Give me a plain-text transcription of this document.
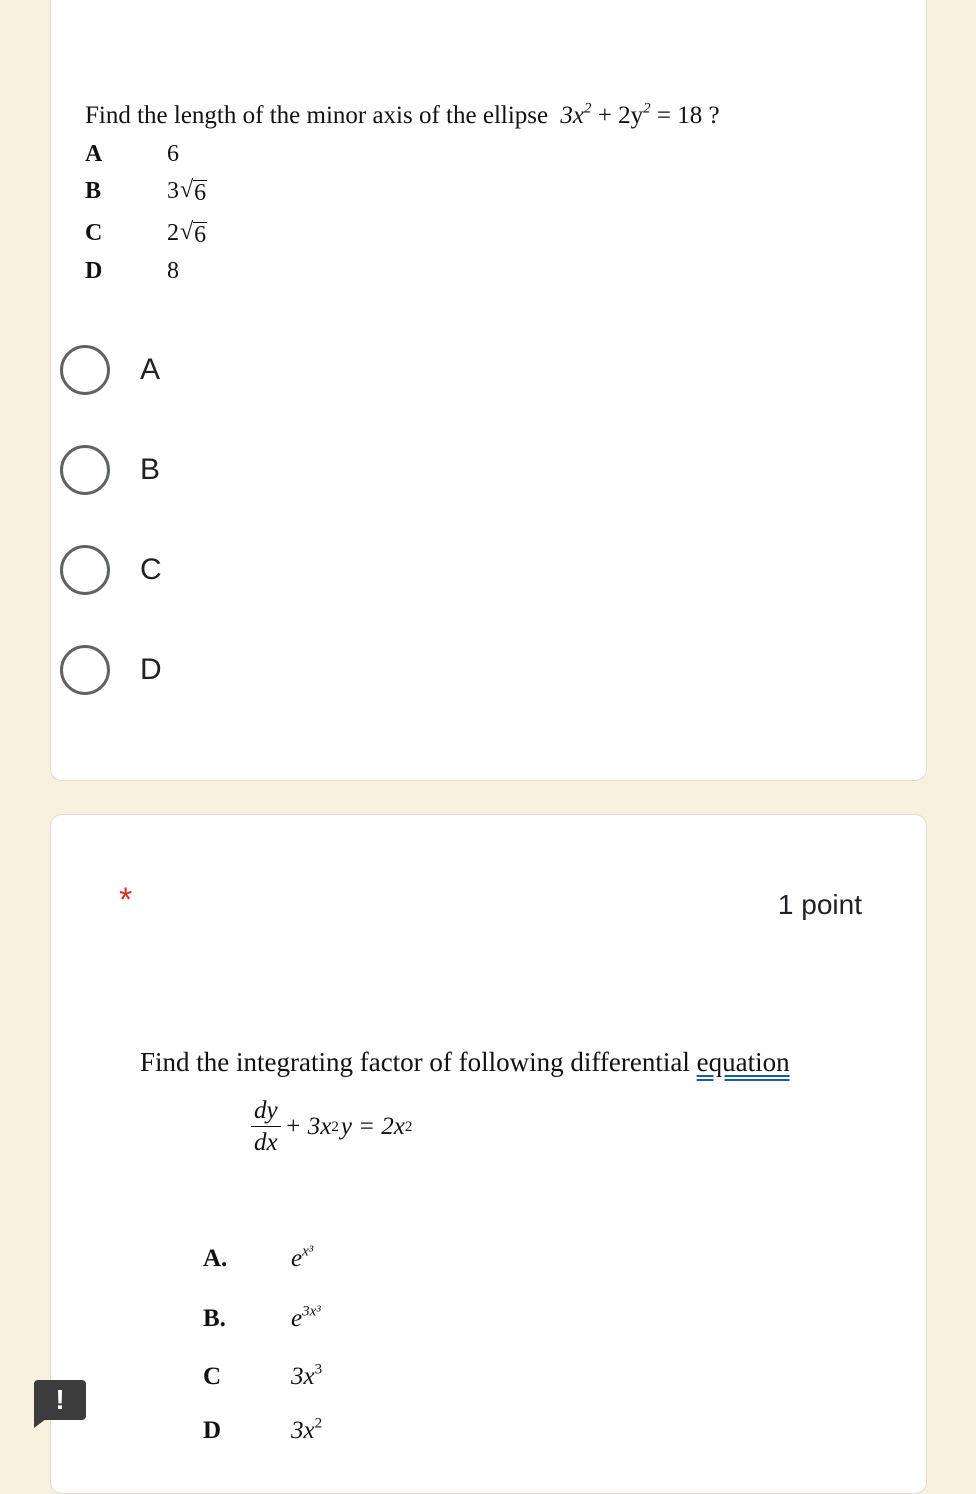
Find the length of the minor axis of the ellipse $3x^2 + 2y^2 = 18$ ?
A	6
B	3 √ 6
C	2 √ 6
D	8
A
B
C
D
*	1 point
Find the integrating factor of following differential equation
$\frac{dy}{dx} + 3x$ 2 y = 2x 2
A.	$e^{x^3}$
B.	$e^{3x^3}$
C	$3x^3$
D	$3x^2$
!
